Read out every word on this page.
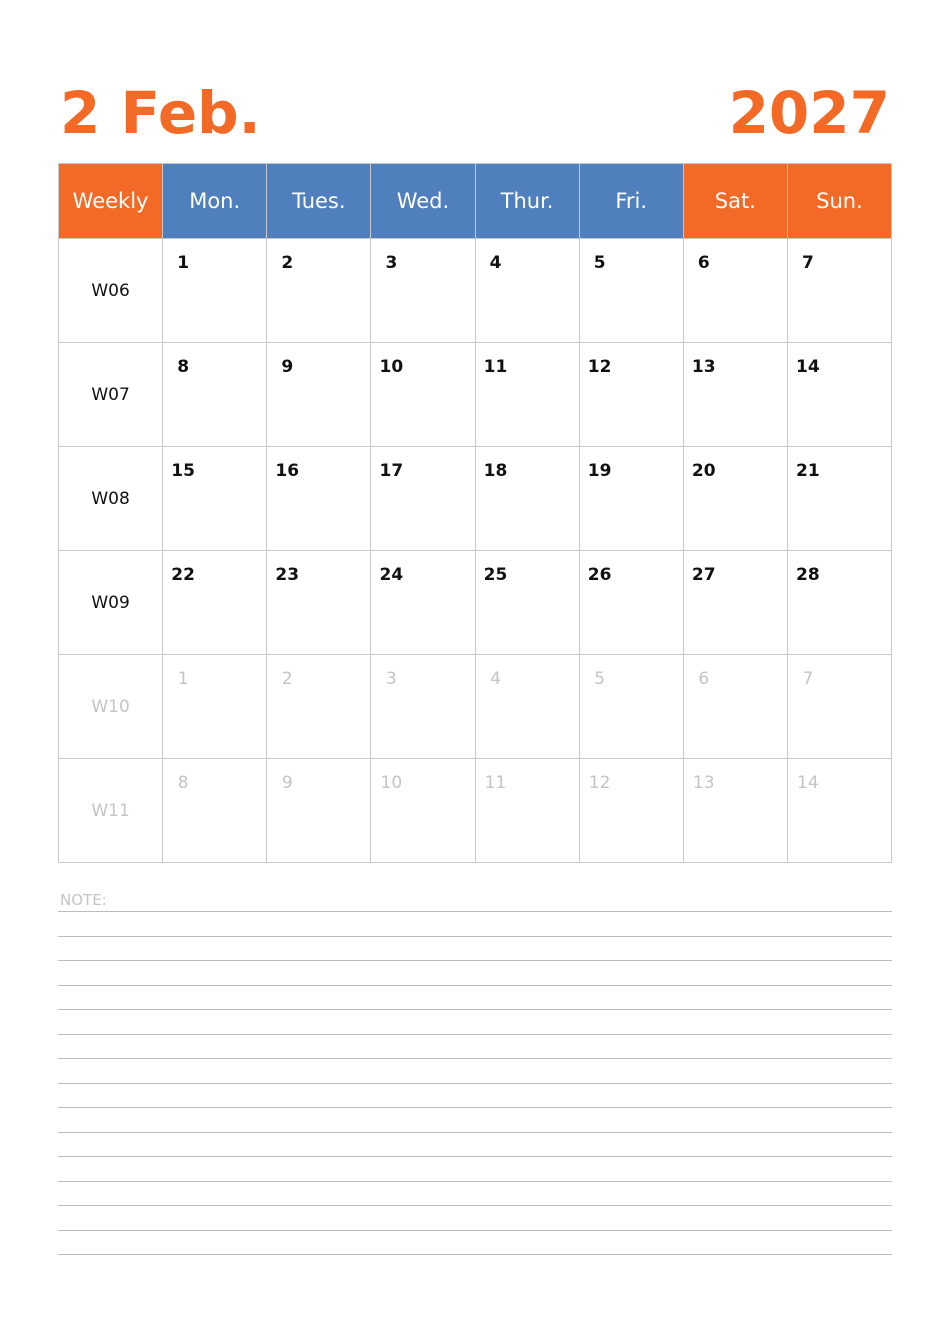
2 Feb.	2027
Weekly	Mon.	Tues.	Wed.	Thur.	Fri.	Sat.	Sun.
W06	1	2	3	4	5	6	7

W07	8	9	10	11	12	13	14

W08	15	16	17	18	19	20	21

W09	22	23	24	25	26	27	28

W10	1	2	3	4	5	6	7

W11	8	9	10	11	12	13	14
NOTE:
